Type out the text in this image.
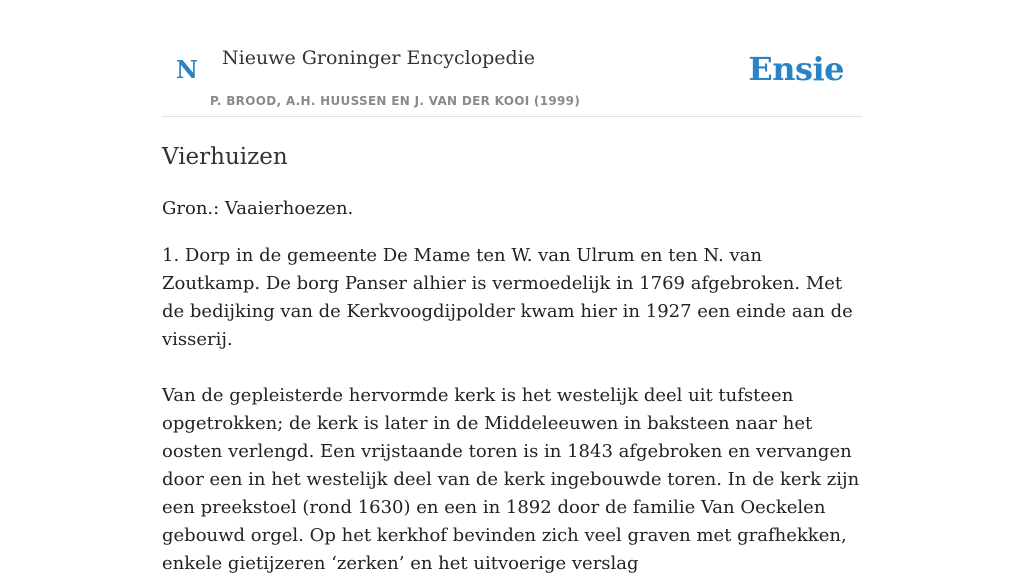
N Nieuwe Groninger Encyclopedie
P. BROOD, A.H. HUUSSEN EN J. VAN DER KOOI (1999)
Ensie
Vierhuizen

Gron.: Vaaierhoezen.

1. Dorp in de gemeente De Mame ten W. van Ulrum en ten N. van Zoutkamp. De borg Panser alhier is vermoedelijk in 1769 afgebroken. Met de bedijking van de Kerkvoogdijpolder kwam hier in 1927 een einde aan de visserij.

Van de gepleisterde hervormde kerk is het westelijk deel uit tufsteen opgetrokken; de kerk is later in de Middeleeuwen in baksteen naar het oosten verlengd. Een vrijstaande toren is in 1843 afgebroken en vervangen door een in het westelijk deel van de kerk ingebouwde toren. In de kerk zijn een preekstoel (rond 1630) en een in 1892 door de familie Van Oeckelen gebouwd orgel. Op het kerkhof bevinden zich veel graven met grafhekken, enkele gietijzeren ‘zerken’ en het uitvoerige verslag
